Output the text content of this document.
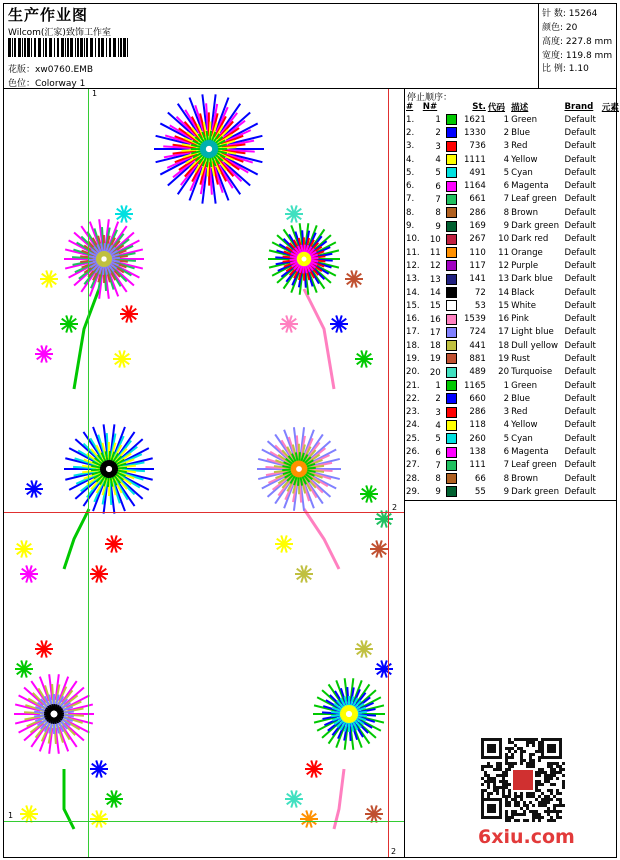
生产作业图
Wilcom(汇家)致饰工作室
花版：xw0760.EMB
色位：Colorway 1
针 数: 15264
颜色: 20
高度: 227.8 mm
宽度: 119.8 mm
比 例: 1.10
停止顺序：
#	N#	St.	代码	描述	Brand	元素
1.	1	1621	1	Green	Default	
2.	2	1330	2	Blue	Default	
3.	3	736	3	Red	Default	
4.	4	1111	4	Yellow	Default	
5.	5	491	5	Cyan	Default	
6.	6	1164	6	Magenta	Default	
7.	7	661	7	Leaf green	Default	
8.	8	286	8	Brown	Default	
9.	9	169	9	Dark green	Default	
10.	10	267	10	Dark red	Default	
11.	11	110	11	Orange	Default	
12.	12	117	12	Purple	Default	
13.	13	141	13	Dark blue	Default	
14.	14	72	14	Black	Default	
15.	15	53	15	White	Default	
16.	16	1539	16	Pink	Default	
17.	17	724	17	Light blue	Default	
18.	18	441	18	Dull yellow	Default	
19.	19	881	19	Rust	Default	
20.	20	489	20	Turquoise	Default	
21.	1	1165	1	Green	Default	
22.	2	660	2	Blue	Default	
23.	3	286	3	Red	Default	
24.	4	118	4	Yellow	Default	
25.	5	260	5	Cyan	Default	
26.	6	138	6	Magenta	Default	
27.	7	111	7	Leaf green	Default	
28.	8	66	8	Brown	Default	
29.	9	55	9	Dark green	Default	
1
1
2
2
6xiu.com
